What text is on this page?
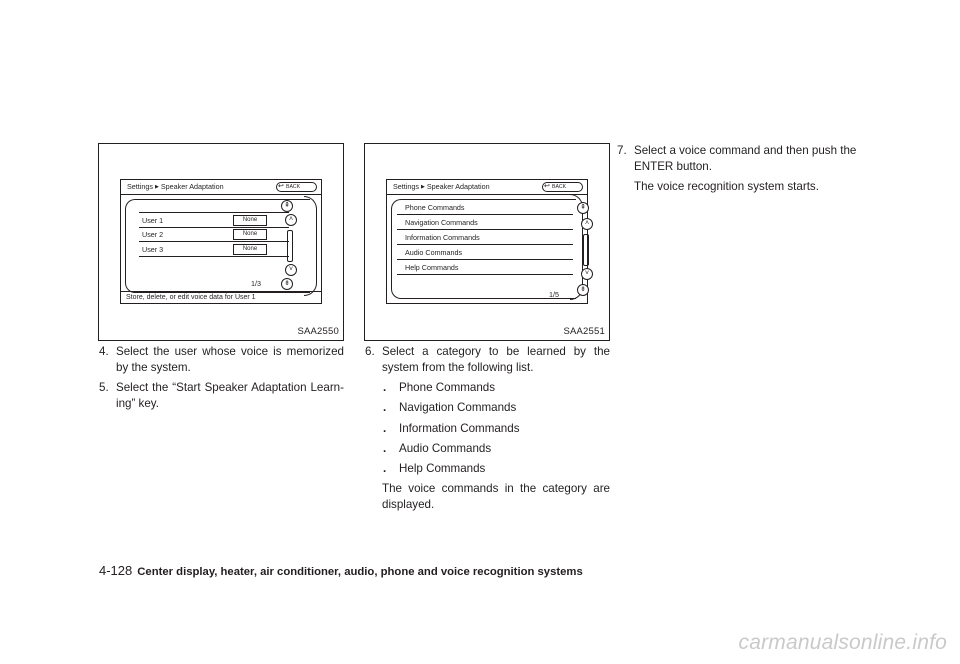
Settings ▶ Speaker Adaptation	↩ BACK
User 1	None
User 2	None
User 3	None
⇞
˄
˅
⇟
1/3
Store, delete, or edit voice data for User 1
SAA2550
Settings ▶ Speaker Adaptation	↩ BACK
Phone Commands
Navigation Commands
Information Commands
Audio Commands
Help Commands
⇞
˄
˅
⇟
1/5
SAA2551

4. Select the user whose voice is memorized by the system.

5. Select the “Start Speaker Adaptation Learn-ing” key.

6. Select a category to be learned by the system from the following list.

. Phone Commands
. Navigation Commands
. Information Commands
. Audio Commands
. Help Commands

The voice commands in the category are displayed.

7. Select a voice command and then push the ENTER button.

The voice recognition system starts.

4-128 Center display, heater, air conditioner, audio, phone and voice recognition systems
carmanualsonline.info
